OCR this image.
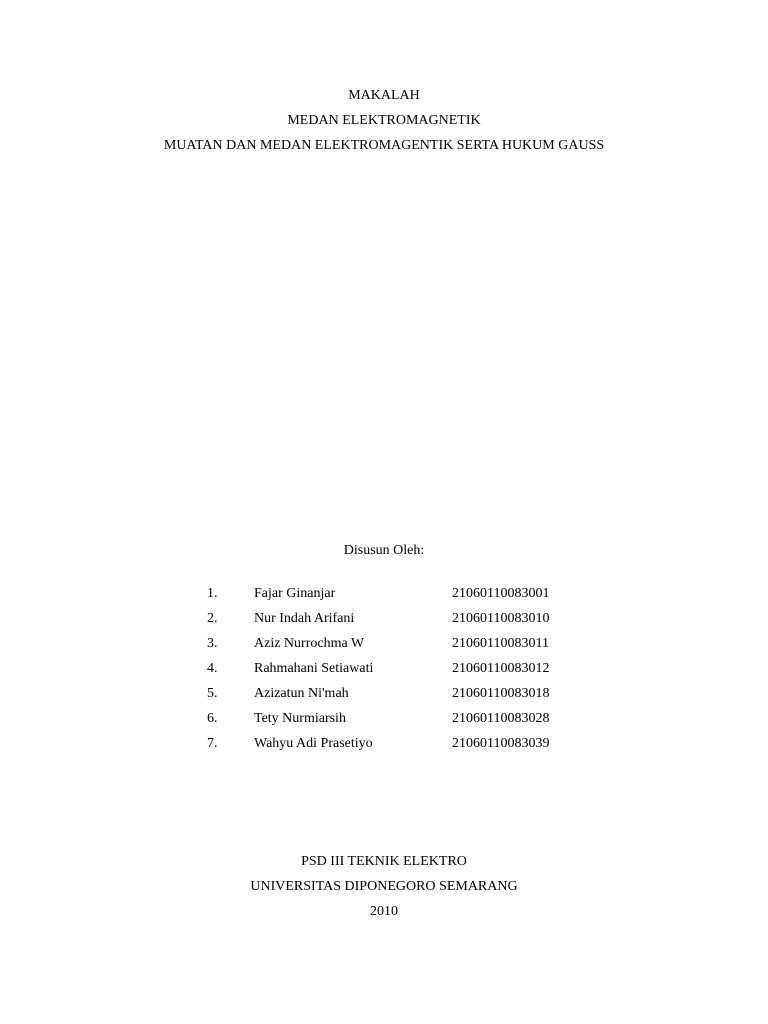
MAKALAH
MEDAN ELEKTROMAGNETIK
MUATAN DAN MEDAN ELEKTROMAGENTIK SERTA HUKUM GAUSS
Disusun Oleh:
1.	Fajar Ginanjar	21060110083001
2.	Nur Indah Arifani	21060110083010
3.	Aziz Nurrochma W	21060110083011
4.	Rahmahani Setiawati	21060110083012
5.	Azizatun Ni'mah	21060110083018
6.	Tety Nurmiarsih	21060110083028
7.	Wahyu Adi Prasetiyo	21060110083039
PSD III TEKNIK ELEKTRO
UNIVERSITAS DIPONEGORO SEMARANG
2010
